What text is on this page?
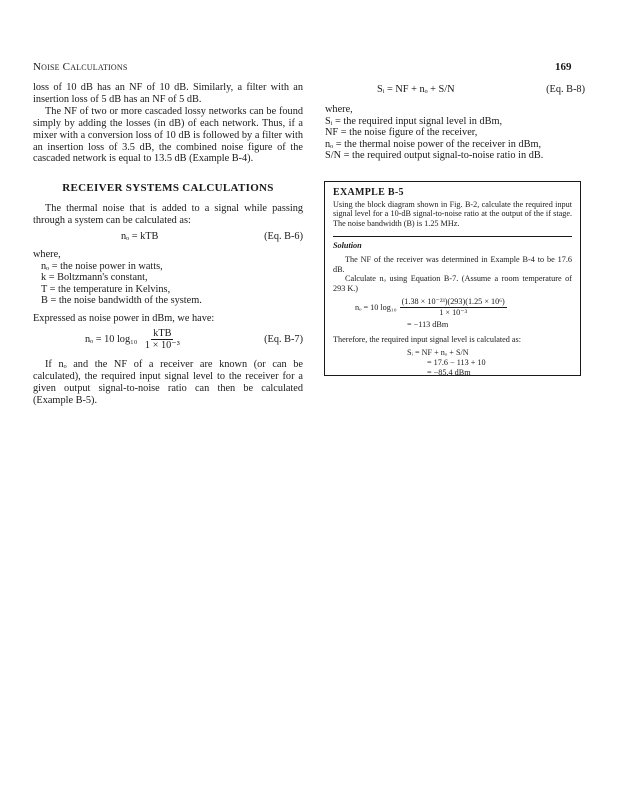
Noise Calculations	169

loss of 10 dB has an NF of 10 dB. Similarly, a filter with an insertion loss of 5 dB has an NF of 5 dB.

The NF of two or more cascaded lossy networks can be found simply by adding the losses (in dB) of each network. Thus, if a mixer with a conversion loss of 10 dB is followed by a filter with an insertion loss of 3.5 dB, the combined noise figure of the cascaded network is equal to 13.5 dB (Example B-4).

RECEIVER SYSTEMS CALCULATIONS

The thermal noise that is added to a signal while passing through a system can be calculated as:

nₒ = kTB	(Eq. B-6)
where,
nₒ = the noise power in watts,
k = Boltzmann's constant,
T = the temperature in Kelvins,
B = the noise bandwidth of the system.

Expressed as noise power in dBm, we have:

nₒ = 10 $\log_{10} \frac{\text{kTB}}{\text{1 × 10⁻³}}$	(Eq. B-7)

If nₒ and the NF of a receiver are known (or can be calculated), the required input signal level to the receiver for a given output signal-to-noise ratio can then be calculated (Example B-5).

Sᵢ = NF + nₒ + S/N	(Eq. B-8)
where,
Sᵢ = the required input signal level in dBm,
NF = the noise figure of the receiver,
nₒ = the thermal noise power of the receiver in dBm,
S/N = the required output signal-to-noise ratio in dB.
EXAMPLE B-5

Using the block diagram shown in Fig. B-2, calculate the required input signal level for a 10-dB signal-to-noise ratio at the output of the if stage. The noise bandwidth (B) is 1.25 MHz.

Solution

The NF of the receiver was determined in Example B-4 to be 17.6 dB.

Calculate nₒ using Equation B-7. (Assume a room temperature of 293 K.)

nₒ = 10 $\log_{10} \frac{\text{(1.38 × 10⁻²³)(293)(1.25 × 10⁶)}}{\text{1 × 10⁻³}}$
= −113 dBm

Therefore, the required input signal level is calculated as:

Sᵢ = NF + nₒ + S/N
= 17.6 − 113 + 10
= −85.4 dBm
